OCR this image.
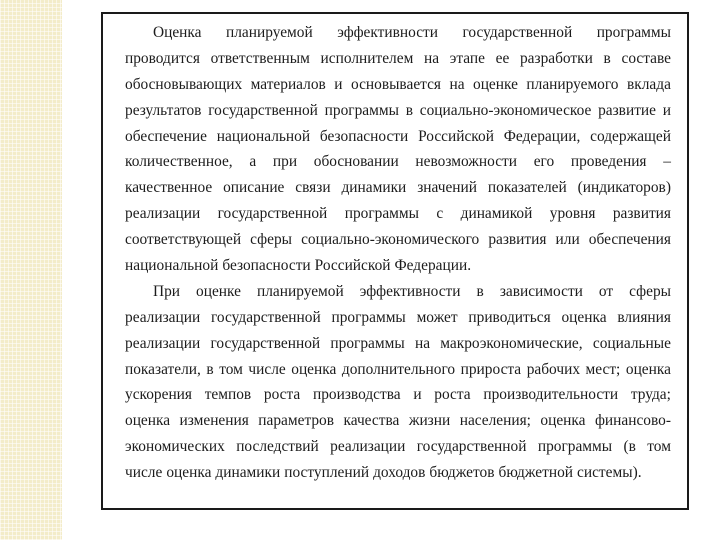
Оценка планируемой эффективности государственной программы
проводится ответственным исполнителем на этапе ее разработки в составе
обосновывающих материалов и основывается на оценке планируемого вклада
результатов государственной программы в социально-экономическое развитие и
обеспечение национальной безопасности Российской Федерации, содержащей
количественное, а при обосновании невозможности его проведения –
качественное описание связи динамики значений показателей (индикаторов)
реализации государственной программы с динамикой уровня развития
соответствующей сферы социально-экономического развития или обеспечения
национальной безопасности Российской Федерации.
При оценке планируемой эффективности в зависимости от сферы
реализации государственной программы может приводиться оценка влияния
реализации государственной программы на макроэкономические, социальные
показатели, в том числе оценка дополнительного прироста рабочих мест; оценка
ускорения темпов роста производства и роста производительности труда;
оценка изменения параметров качества жизни населения; оценка финансово-
экономических последствий реализации государственной программы (в том
числе оценка динамики поступлений доходов бюджетов бюджетной системы).
